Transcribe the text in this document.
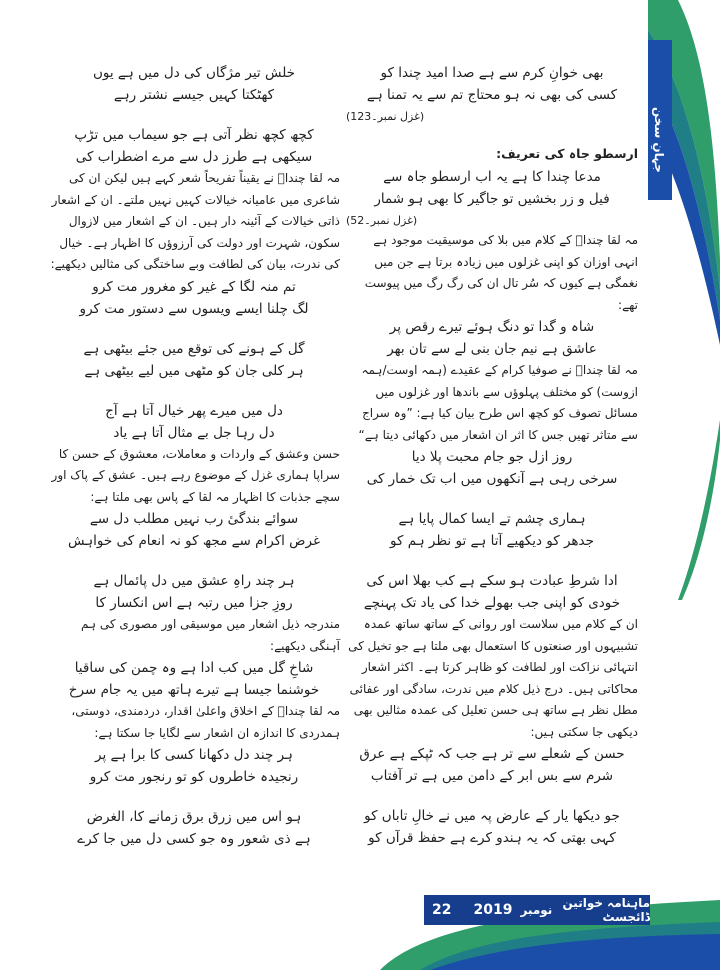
جہانِ سخن
22 2019 نومبر ماہنامہ خواتین ڈائجسٹ

بھی خوانِ کرم سے ہے صدا امید چندا کو

کسی کی بھی نہ ہو محتاج تم سے یہ تمنا ہے

(غزل نمبر۔123)

ارسطو جاہ کی تعریف:

مدعا چندا کا ہے یہ اب ارسطو جاہ سے

فیل و زر بخشیں تو جاگیر کا بھی ہو شمار

(غزل نمبر۔52)

مہ لقا چنداؔ کے کلام میں بلا کی موسیقیت موجود ہے انہی اوزان کو اپنی غزلوں میں زیادہ برتا ہے جن میں نغمگی ہے کیوں کہ سُر تال ان کی رگ رگ میں پیوست تھے:

شاہ و گدا تو دنگ ہوئے تیرے رقص پر

عاشق ہے نیم جان بنی لے سے تان بھر

مہ لقا چنداؔ نے صوفیا کرام کے عقیدے (ہمہ اوست/ہمہ ازوست) کو مختلف پہلوؤں سے باندھا اور غزلوں میں مسائل تصوف کو کچھ اس طرح بیان کیا ہے: ”وہ سراج سے متاثر تھیں جس کا اثر ان اشعار میں دکھائی دیتا ہے“

روز ازل جو جام محبت پلا دیا

سرخی رہی ہے آنکھوں میں اب تک خمار کی

ہماری چشم تے ایسا کمال پایا ہے

جدھر کو دیکھیے آتا ہے تو نظر ہم کو

ادا شرطِ عبادت ہو سکے ہے کب بھلا اس کی

خودی کو اپنی جب بھولے خدا کی یاد تک پہنچے

ان کے کلام میں سلاست اور روانی کے ساتھ ساتھ عمدہ تشبیہوں اور صنعتوں کا استعمال بھی ملتا ہے جو تخیل کی انتہائی نزاکت اور لطافت کو ظاہر کرتا ہے۔ اکثر اشعار محاکاتی ہیں۔ درج ذیل کلام میں ندرت، سادگی اور عفائی مطل نظر ہے ساتھ ہی حسن تعلیل کی عمدہ مثالیں بھی دیکھی جا سکتی ہیں:

حسن کے شعلے سے تر ہے جب کہ ٹپکے ہے عرق

شرم سے بس ابر کے دامن میں ہے تر آفتاب

جو دیکھا یار کے عارض پہ میں نے خالِ تاباں کو

کہی بھتی کہ یہ ہندو کرے ہے حفظ قرآں کو

خلش تیر مژگاں کی دل میں ہے یوں

کھٹکتا کہیں جیسے نشتر رہے

کچھ کچھ نظر آتی ہے جو سیماب میں تڑپ

سیکھی ہے طرز دل سے مرے اضطراب کی

مہ لقا چنداؔ نے یقیناً تفریحاً شعر کہے ہیں لیکن ان کی شاعری میں عامیانہ خیالات کہیں نہیں ملتے۔ ان کے اشعار ذاتی خیالات کے آئینہ دار ہیں۔ ان کے اشعار میں لازوال سکون، شہرت اور دولت کی آرزوؤں کا اظہار ہے۔ خیال کی ندرت، بیان کی لطافت وبے ساختگی کی مثالیں دیکھیے:

تم منہ لگا کے غیر کو مغرور مت کرو

لگ چلنا ایسے ویسوں سے دستور مت کرو

گل کے ہونے کی توقع میں جئے بیٹھی ہے

ہر کلی جان کو مٹھی میں لیے بیٹھی ہے

دل میں میرے پھر خیال آتا ہے آج

دل رہا جل بے مثال آتا ہے یاد

حسن وعشق کے واردات و معاملات، معشوق کے حسن کا سراپا ہماری غزل کے موضوع رہے ہیں۔ عشق کے پاک اور سچے جذبات کا اظہار مہ لقا کے پاس بھی ملتا ہے:

سوائے بندگیٔ رب نہیں مطلب دل سے

غرض اکرام سے مجھ کو نہ انعام کی خواہش

ہر چند راہِ عشق میں دل پائمال ہے

روزِ جزا میں رتبہ ہے اس انکسار کا

مندرجہ ذیل اشعار میں موسیقی اور مصوری کی ہم آہنگی دیکھیے:

شاخِ گل میں کب ادا ہے وہ چمن کی ساقیا

خوشنما جیسا ہے تیرے ہاتھ میں یہ جام سرخ

مہ لقا چنداؔ کے اخلاق واعلیٰ اقدار، دردمندی، دوستی، ہمدردی کا اندازہ ان اشعار سے لگایا جا سکتا ہے:

ہر چند دل دکھانا کسی کا برا ہے پر

رنجیدہ خاطروں کو تو رنجور مت کرو

ہو اس میں زرق برق زمانے کا، الغرض

ہے ذی شعور وہ جو کسی دل میں جا کرے
